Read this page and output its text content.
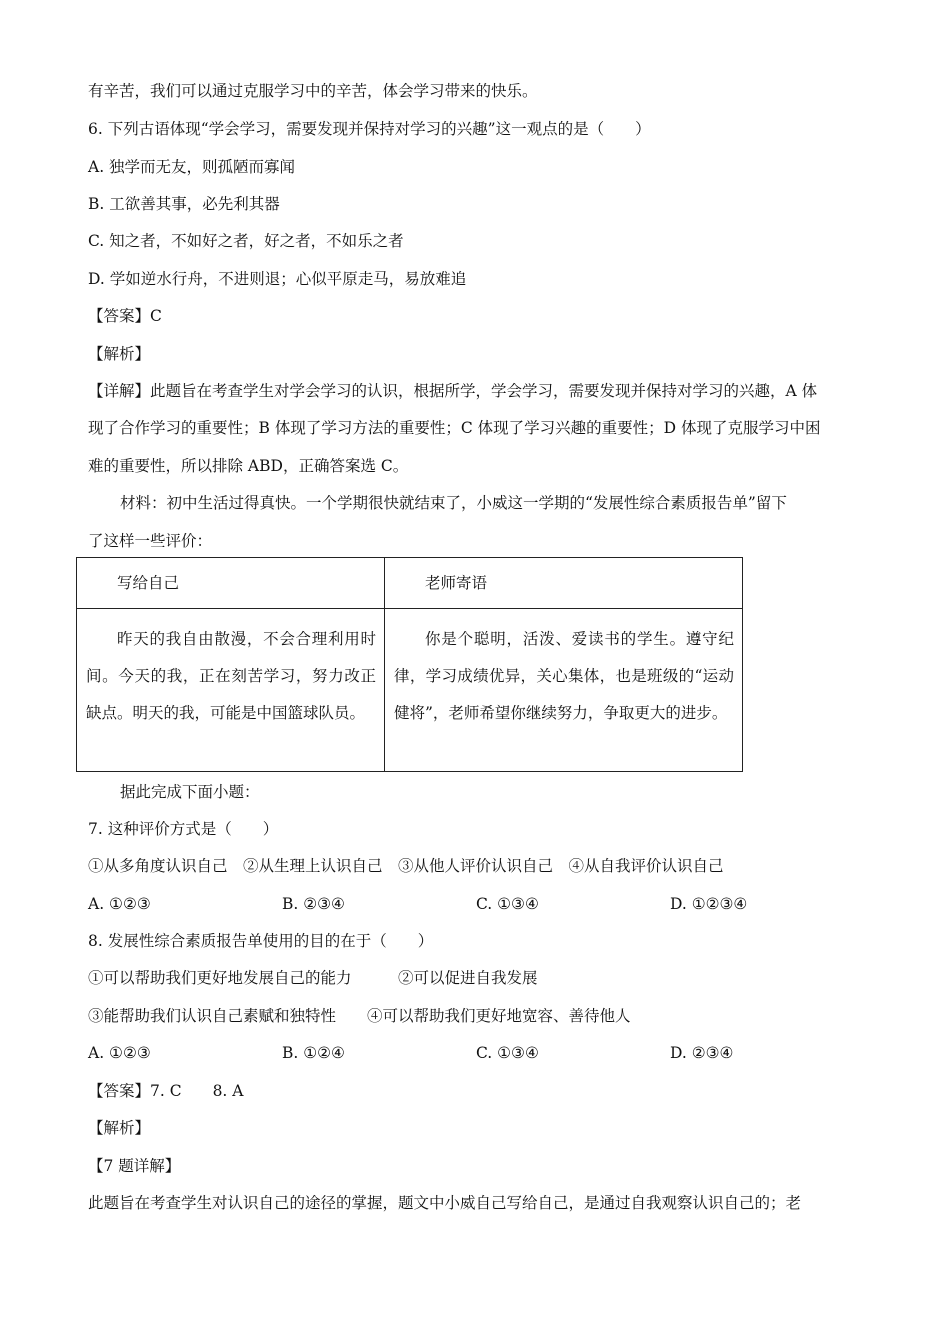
有辛苦，我们可以通过克服学习中的辛苦，体会学习带来的快乐。
6. 下列古语体现“学会学习，需要发现并保持对学习的兴趣”这一观点的是（　　）
A. 独学而无友，则孤陋而寡闻
B. 工欲善其事，必先利其器
C. 知之者，不如好之者，好之者，不如乐之者
D. 学如逆水行舟，不进则退；心似平原走马，易放难追
【答案】C
【解析】
【详解】此题旨在考查学生对学会学习的认识，根据所学，学会学习，需要发现并保持对学习的兴趣，A 体
现了合作学习的重要性；B 体现了学习方法的重要性；C 体现了学习兴趣的重要性；D 体现了克服学习中困
难的重要性，所以排除 ABD，正确答案选 C。
材料：初中生活过得真快。一个学期很快就结束了，小威这一学期的“发展性综合素质报告单”留下
了这样一些评价：
写给自己	老师寄语

昨天的我自由散漫，不会合理利用时间。今天的我，正在刻苦学习，努力改正缺点。明天的我，可能是中国篮球队员。	你是个聪明，活泼、爱读书的学生。遵守纪律，学习成绩优异，关心集体，也是班级的“运动健将”，老师希望你继续努力，争取更大的进步。
据此完成下面小题：
7. 这种评价方式是（　　）
①从多角度认识自己　②从生理上认识自己　③从他人评价认识自己　④从自我评价认识自己
A. ①②③	B. ②③④	C. ①③④	D. ①②③④
8. 发展性综合素质报告单使用的目的在于（　　）
①可以帮助我们更好地发展自己的能力　　　②可以促进自我发展
③能帮助我们认识自己素赋和独特性　　④可以帮助我们更好地宽容、善待他人
A. ①②③	B. ①②④	C. ①③④	D. ②③④
【答案】7. C　　8. A
【解析】
【7 题详解】
此题旨在考查学生对认识自己的途径的掌握，题文中小威自己写给自己，是通过自我观察认识自己的；老
